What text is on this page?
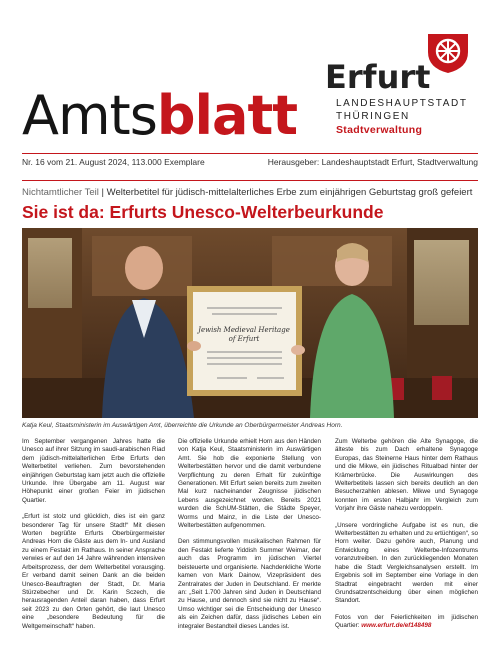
Amtsblatt
Erfurt
LANDESHAUPTSTADT
THÜRINGEN
Stadtverwaltung
Nr. 16 vom 21. August 2024, 113.000 Exemplare	Herausgeber: Landeshauptstadt Erfurt, Stadtverwaltung
Nichtamtlicher Teil | Welterbetitel für jüdisch-mittelalterliches Erbe zum einjährigen Geburtstag groß gefeiert
Sie ist da: Erfurts Unesco-Welterbeurkunde
Jewish Medieval Heritage
of Erfurt
Katja Keul, Staatsministerin im Auswärtigen Amt, überreichte die Urkunde an Oberbürgermeister Andreas Horn.

Im September vergangenen Jahres hatte die Unesco auf ihrer Sitzung im saudi-arabischen Riad dem jüdisch-mittelalterlichen Erbe Erfurts den Welterbetitel verliehen. Zum bevorstehenden einjährigen Geburtstag kam jetzt auch die offizielle Urkunde. Ihre Übergabe am 11. August war Höhepunkt einer großen Feier im jüdischen Quartier.

„Erfurt ist stolz und glücklich, dies ist ein ganz besonderer Tag für unsere Stadt!“ Mit diesen Worten begrüßte Erfurts Oberbürgermeister Andreas Horn die Gäste aus dem In- und Ausland zu einem Festakt im Rathaus. In seiner Ansprache verwies er auf den 14 Jahre währenden intensiven Arbeitsprozess, der dem Welterbetitel vorausging. Er verband damit seinen Dank an die beiden Unesco-Beauftragten der Stadt, Dr. Maria Stürzebecher und Dr. Karin Sczech, die herausragenden Anteil daran haben, dass Erfurt seit 2023 zu den Orten gehört, die laut Unesco eine „besondere Bedeutung für die Weltgemeinschaft“ haben.

Die offizielle Urkunde erhielt Horn aus den Händen von Katja Keul, Staatsministerin im Auswärtigen Amt. Sie hob die exponierte Stellung von Welterbestätten hervor und die damit verbundene Verpflichtung zu deren Erhalt für zukünftige Generationen. Mit Erfurt seien bereits zum zweiten Mal kurz nacheinander Zeugnisse jüdischen Lebens ausgezeichnet worden. Bereits 2021 wurden die SchUM-Stätten, die Städte Speyer, Worms und Mainz, in die Liste der Unesco-Welterbestätten aufgenommen.

Den stimmungsvollen musikalischen Rahmen für den Festakt lieferte Yiddish Summer Weimar, der auch das Programm im jüdischen Viertel beisteuerte und organisierte. Nachdenkliche Worte kamen von Mark Dainow, Vizepräsident des Zentralrates der Juden in Deutschland. Er merkte an: „Seit 1.700 Jahren sind Juden in Deutschland zu Hause, und dennoch sind sie nicht zu Hause“. Umso wichtiger sei die Entscheidung der Unesco als ein Zeichen dafür, dass jüdisches Leben ein integraler Bestandteil dieses Landes ist.

Zum Welterbe gehören die Alte Synagoge, die älteste bis zum Dach erhaltene Synagoge Europas, das Steinerne Haus hinter dem Rathaus und die Mikwe, ein jüdisches Ritualbad hinter der Krämerbrücke. Die Auswirkungen des Welterbetitels lassen sich bereits deutlich an den Besucherzahlen ablesen. Mikwe und Synagoge konnten im ersten Halbjahr im Vergleich zum Vorjahr ihre Gäste nahezu verdoppeln.

„Unsere vordringliche Aufgabe ist es nun, die Welterbestätten zu erhalten und zu ertüchtigen“, so Horn weiter. Dazu gehöre auch, Planung und Entwicklung eines Welterbe-Infozentrums voranzutreiben. In den zurückliegenden Monaten habe die Stadt Vergleichsanalysen erstellt. Im Ergebnis soll im September eine Vorlage in den Stadtrat eingebracht werden mit einer Grundsatzentscheidung über einen möglichen Standort.

Fotos von der Feierlichkeiten im jüdischen Quartier: www.erfurt.de/ef148498
